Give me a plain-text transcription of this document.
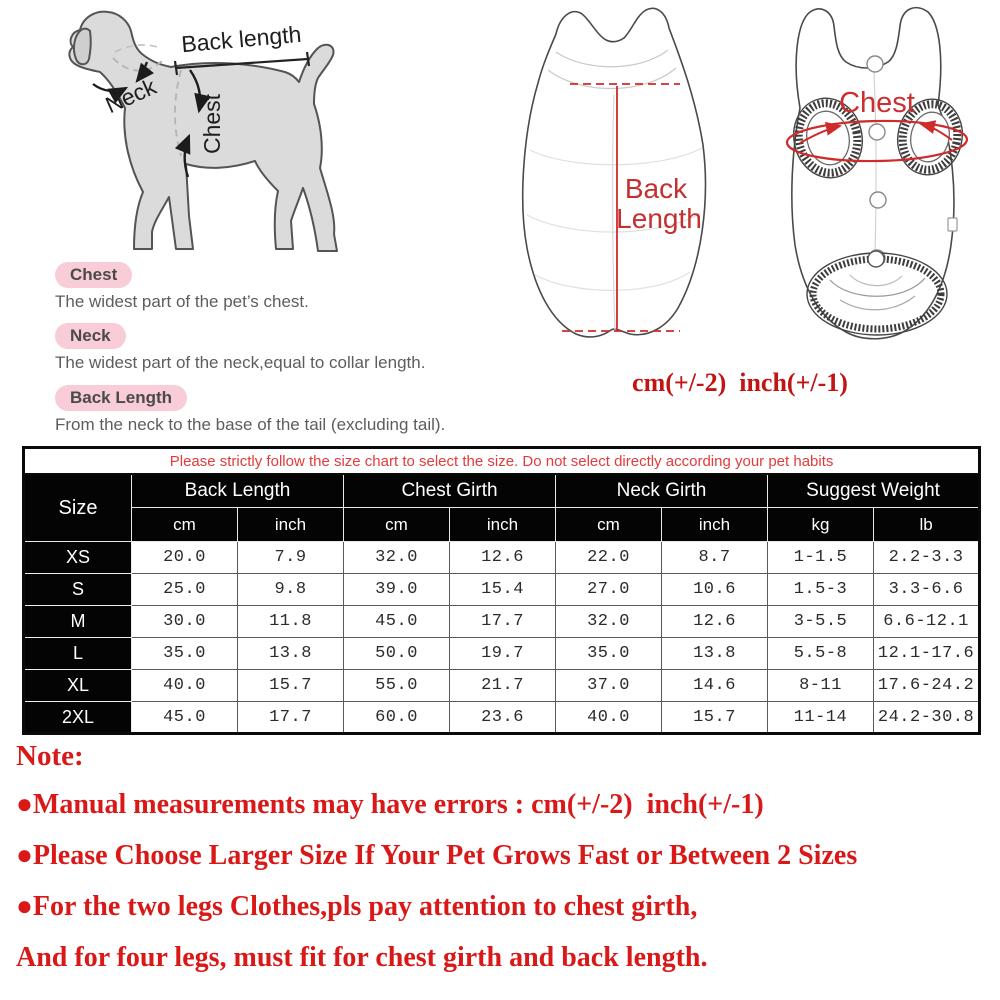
Back length
Neck Chest
Chest
The widest part of the pet’s chest.
Neck
The widest part of the neck,equal to collar length.
Back Length
From the neck to the base of the tail (excluding tail).
Back
Length
Chest
cm(+/-2)  inch(+/-1)
Please strictly follow the size chart to select the size. Do not select directly according your pet habits								
Size	Back Length		Chest Girth		Neck Girth		Suggest Weight	
	cm	inch	cm	inch	cm	inch	kg	lb
XS	20.0	7.9	32.0	12.6	22.0	8.7	1-1.5	2.2-3.3
S	25.0	9.8	39.0	15.4	27.0	10.6	1.5-3	3.3-6.6
M	30.0	11.8	45.0	17.7	32.0	12.6	3-5.5	6.6-12.1
L	35.0	13.8	50.0	19.7	35.0	13.8	5.5-8	12.1-17.6
XL	40.0	15.7	55.0	21.7	37.0	14.6	8-11	17.6-24.2
2XL	45.0	17.7	60.0	23.6	40.0	15.7	11-14	24.2-30.8
Note:
●Manual measurements may have errors : cm(+/-2)  inch(+/-1)
●Please Choose Larger Size If Your Pet Grows Fast or Between 2 Sizes
●For the two legs Clothes,pls pay attention to chest girth,
And for four legs, must fit for chest girth and back length.
